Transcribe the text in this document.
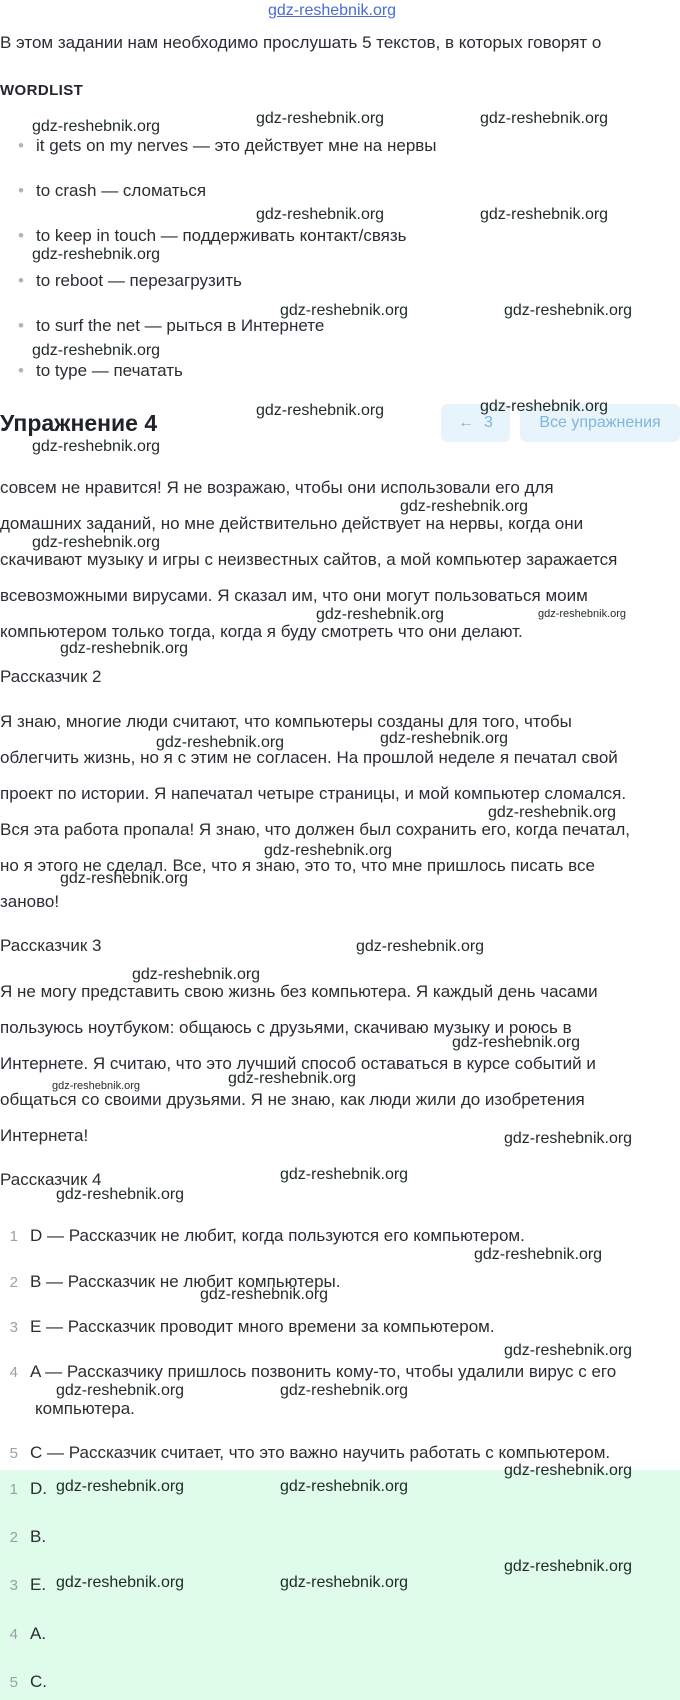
gdz-reshebnik.org
В этом задании нам необходимо прослушать 5 текстов, в которых говорят о
WORDLIST
• it gets on my nerves — это действует мне на нервы
• to crash — сломаться
• to keep in touch — поддерживать контакт/связь
• to reboot — перезагрузить
• to surf the net — рыться в Интернете
• to type — печатать
Упражнение 4	← 3	Все упражнения
совсем не нравится! Я не возражаю, чтобы они использовали его для
домашних заданий, но мне действительно действует на нервы, когда они
скачивают музыку и игры с неизвестных сайтов, а мой компьютер заражается
всевозможными вирусами. Я сказал им, что они могут пользоваться моим
компьютером только тогда, когда я буду смотреть что они делают.
Рассказчик 2
Я знаю, многие люди считают, что компьютеры созданы для того, чтобы
облегчить жизнь, но я с этим не согласен. На прошлой неделе я печатал свой
проект по истории. Я напечатал четыре страницы, и мой компьютер сломался.
Вся эта работа пропала! Я знаю, что должен был сохранить его, когда печатал,
но я этого не сделал. Все, что я знаю, это то, что мне пришлось писать все
заново!
Рассказчик 3
Я не могу представить свою жизнь без компьютера. Я каждый день часами
пользуюсь ноутбуком: общаюсь с друзьями, скачиваю музыку и роюсь в
Интернете. Я считаю, что это лучший способ оставаться в курсе событий и
общаться со своими друзьями. Я не знаю, как люди жили до изобретения
Интернета!
Рассказчик 4
1 D — Рассказчик не любит, когда пользуются его компьютером.
2 B — Рассказчик не любит компьютеры.
3 E — Рассказчик проводит много времени за компьютером.
4 A — Рассказчику пришлось позвонить кому-то, чтобы удалили вирус с его
компьютера.
5 C — Рассказчик считает, что это важно научить работать с компьютером.
1 D.
2 B.
3 E.
4 A.
5 C.
gdz-reshebnik.org	gdz-reshebnik.org	gdz-reshebnik.org
gdz-reshebnik.org	gdz-reshebnik.org
gdz-reshebnik.org
gdz-reshebnik.org	gdz-reshebnik.org
gdz-reshebnik.org
gdz-reshebnik.org	gdz-reshebnik.org
gdz-reshebnik.org
gdz-reshebnik.org
gdz-reshebnik.org
gdz-reshebnik.org	gdz-reshebnik.org
gdz-reshebnik.org
gdz-reshebnik.org	gdz-reshebnik.org
gdz-reshebnik.org
gdz-reshebnik.org
gdz-reshebnik.org
gdz-reshebnik.org
gdz-reshebnik.org
gdz-reshebnik.org
gdz-reshebnik.org	gdz-reshebnik.org
gdz-reshebnik.org
gdz-reshebnik.org
gdz-reshebnik.org
gdz-reshebnik.org
gdz-reshebnik.org
gdz-reshebnik.org
gdz-reshebnik.org	gdz-reshebnik.org
gdz-reshebnik.org
gdz-reshebnik.org	gdz-reshebnik.org
gdz-reshebnik.org
gdz-reshebnik.org	gdz-reshebnik.org
